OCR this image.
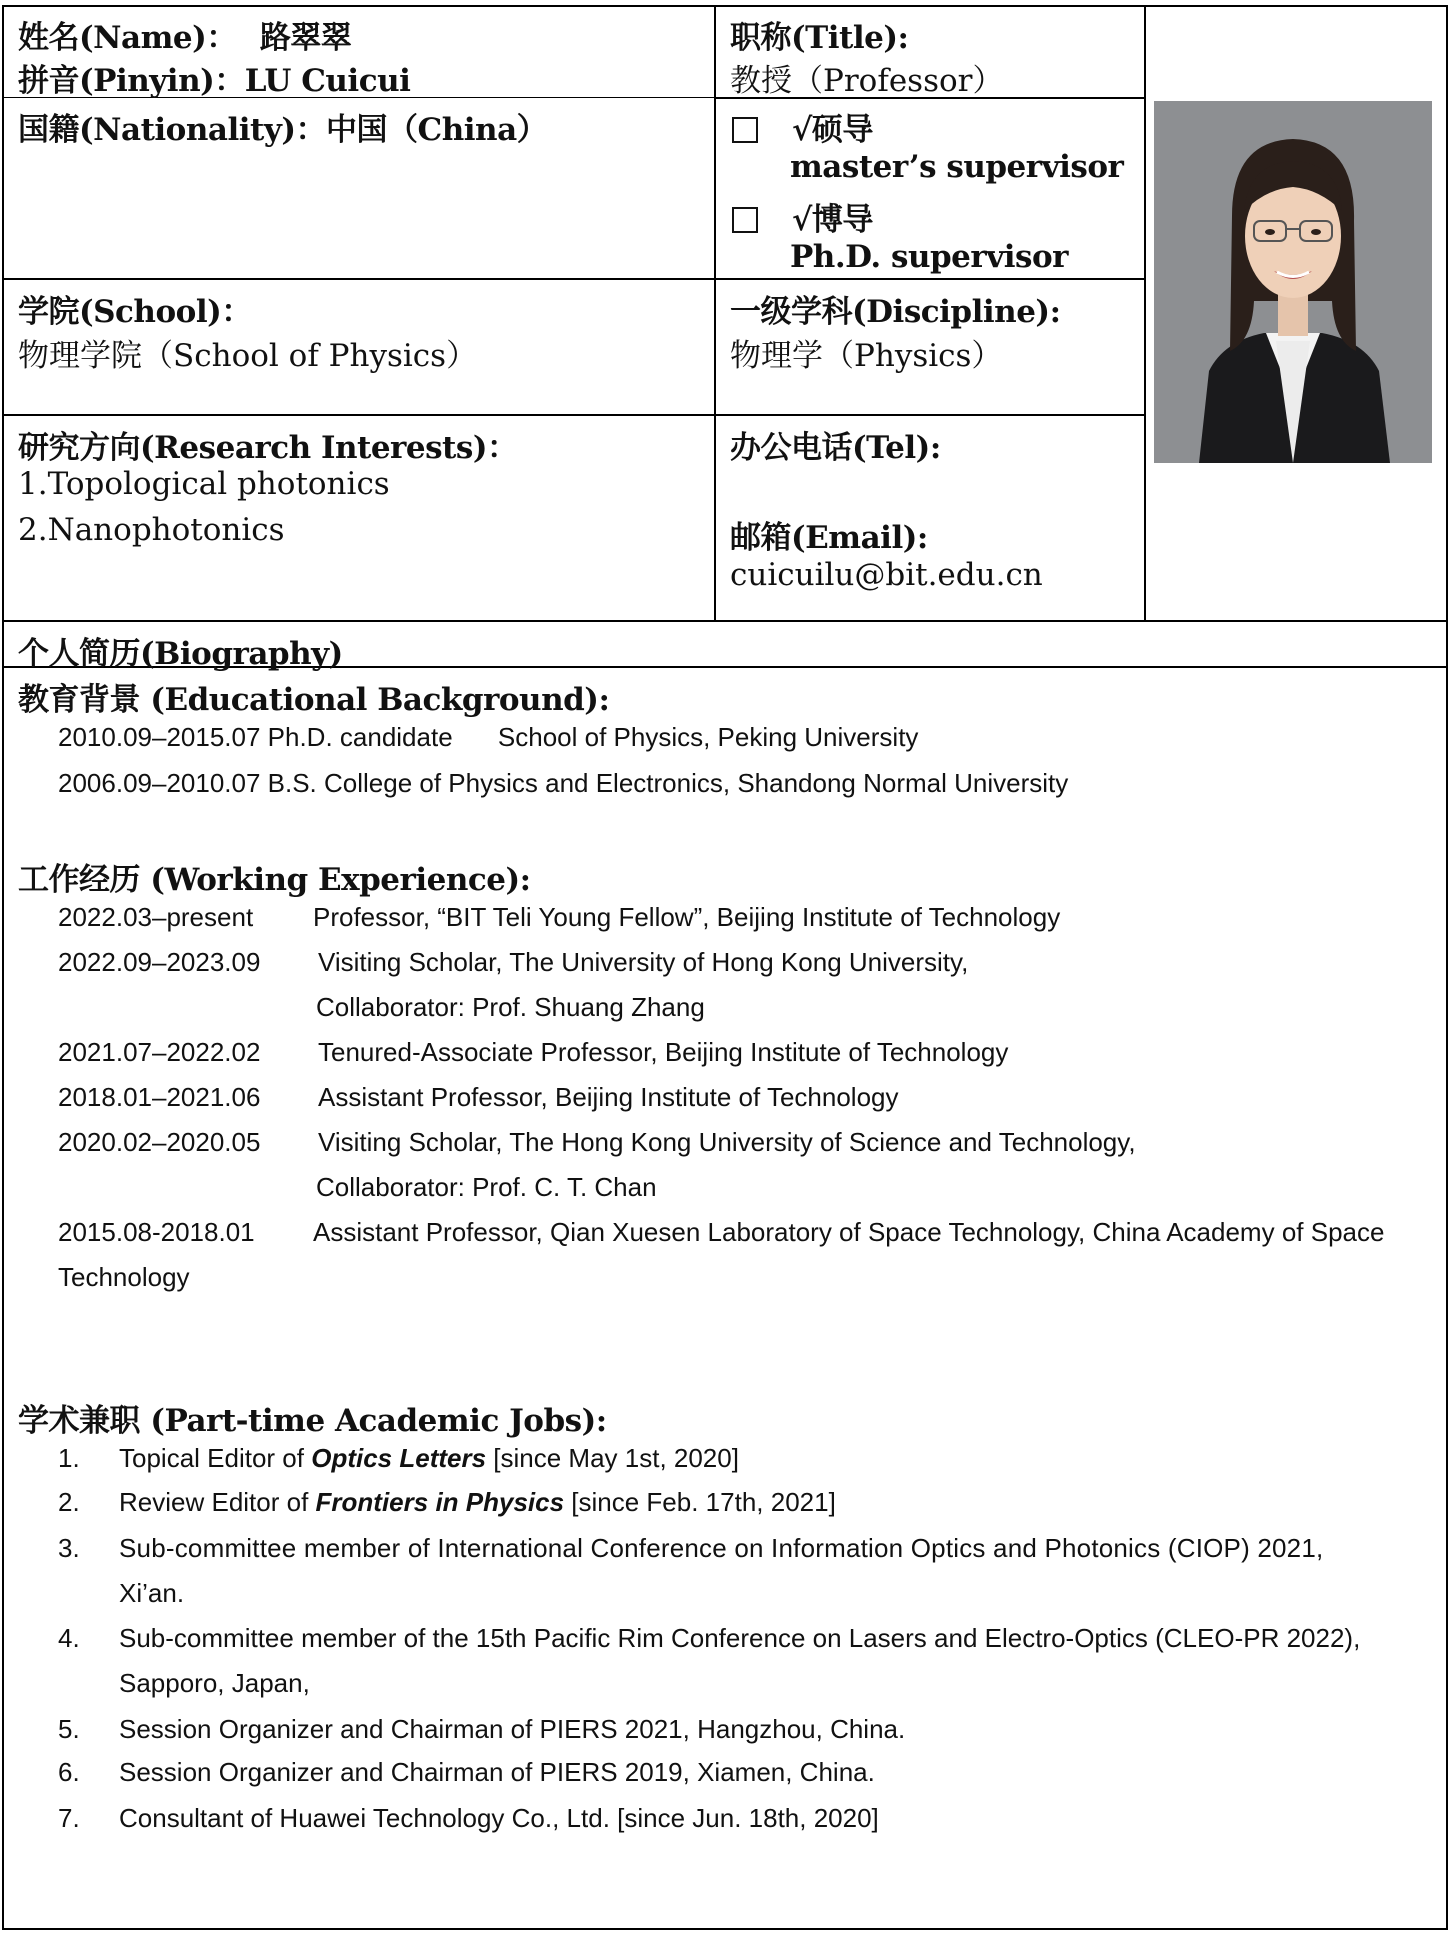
姓名(Name)： 路翠翠
拼音(Pinyin)：LU Cuicui
职称(Title):
教授（Professor）
国籍(Nationality)：中国（China）	√硕导
master’s supervisor
√博导
Ph.D. supervisor
学院(School)：
物理学院（School of Physics）
一级学科(Discipline):
物理学（Physics）
研究方向(Research Interests)：
1.Topological photonics
2.Nanophotonics
办公电话(Tel):
邮箱(Email):
cuicuilu@bit.edu.cn
个人简历(Biography)
教育背景 (Educational Background):
2010.09–2015.07 Ph.D. candidate School of Physics, Peking University
2006.09–2010.07 B.S. College of Physics and Electronics, Shandong Normal University
工作经历 (Working Experience):
2022.03–present Professor, “BIT Teli Young Fellow”, Beijing Institute of Technology
2022.09–2023.09 Visiting Scholar, The University of Hong Kong University,
Collaborator: Prof. Shuang Zhang
2021.07–2022.02 Tenured-Associate Professor, Beijing Institute of Technology
2018.01–2021.06 Assistant Professor, Beijing Institute of Technology
2020.02–2020.05 Visiting Scholar, The Hong Kong University of Science and Technology,
Collaborator: Prof. C. T. Chan
2015.08-2018.01 Assistant Professor, Qian Xuesen Laboratory of Space Technology, China Academy of Space
Technology
学术兼职 (Part-time Academic Jobs):
1. Topical Editor of Optics Letters [since May 1st, 2020]
2. Review Editor of Frontiers in Physics [since Feb. 17th, 2021]
3. Sub-committee member of International Conference on Information Optics and Photonics (CIOP) 2021,
Xi’an.
4. Sub-committee member of the 15th Pacific Rim Conference on Lasers and Electro-Optics (CLEO-PR 2022),
Sapporo, Japan,
5. Session Organizer and Chairman of PIERS 2021, Hangzhou, China.
6. Session Organizer and Chairman of PIERS 2019, Xiamen, China.
7. Consultant of Huawei Technology Co., Ltd. [since Jun. 18th, 2020]
